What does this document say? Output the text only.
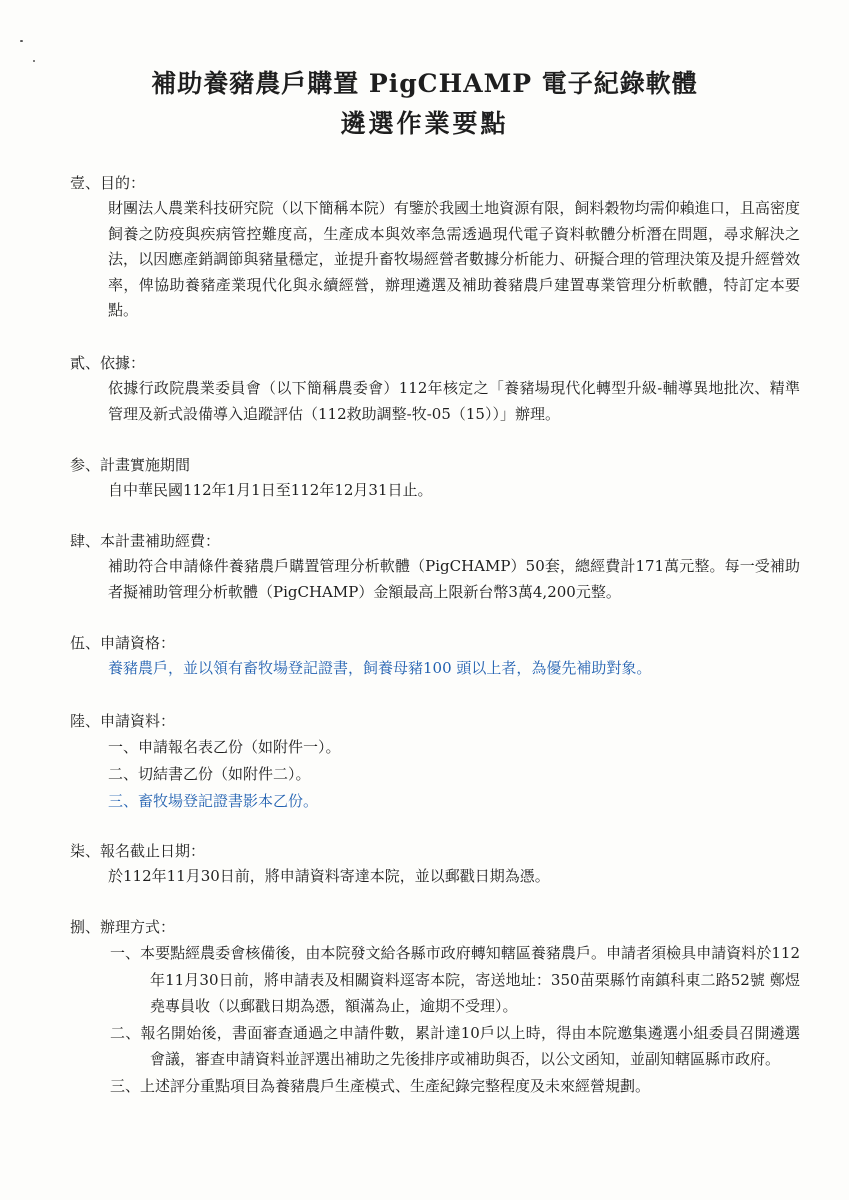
補助養豬農戶購置 PigCHAMP 電子紀錄軟體
遴選作業要點
壹、目的：
財團法人農業科技研究院（以下簡稱本院）有鑒於我國土地資源有限，飼料穀物均需仰賴進口，且高密度飼養之防疫與疾病管控難度高，生產成本與效率急需透過現代電子資料軟體分析潛在問題，尋求解決之法，以因應產銷調節與豬量穩定，並提升畜牧場經營者數據分析能力、研擬合理的管理決策及提升經營效率，俾協助養豬產業現代化與永續經營，辦理遴選及補助養豬農戶建置專業管理分析軟體，特訂定本要點。
貳、依據：
依據行政院農業委員會（以下簡稱農委會）112年核定之「養豬場現代化轉型升級-輔導異地批次、精準管理及新式設備導入追蹤評估（112救助調整-牧-05（15））」辦理。
参、計畫實施期間
自中華民國112年1月1日至112年12月31日止。
肆、本計畫補助經費：
補助符合申請條件養豬農戶購置管理分析軟體（PigCHAMP）50套，總經費計171萬元整。每一受補助者擬補助管理分析軟體（PigCHAMP）金額最高上限新台幣3萬4,200元整。
伍、申請資格：
養豬農戶，並以領有畜牧場登記證書，飼養母豬100 頭以上者，為優先補助對象。
陸、申請資料：
一、申請報名表乙份（如附件一）。
二、切結書乙份（如附件二）。
三、畜牧場登記證書影本乙份。
柒、報名截止日期：
於112年11月30日前，將申請資料寄達本院，並以郵戳日期為憑。
捌、辦理方式：
一、本要點經農委會核備後，由本院發文給各縣市政府轉知轄區養豬農戶。申請者須檢具申請資料於112年11月30日前，將申請表及相關資料逕寄本院，寄送地址：350苗栗縣竹南鎮科東二路52號 鄭煜堯專員收（以郵戳日期為憑，額滿為止，逾期不受理）。
二、報名開始後，書面審查通過之申請件數，累計達10戶以上時，得由本院邀集遴選小組委員召開遴選會議，審查申請資料並評選出補助之先後排序或補助與否，以公文函知，並副知轄區縣市政府。
三、上述評分重點項目為養豬農戶生產模式、生產紀錄完整程度及未來經營規劃。
